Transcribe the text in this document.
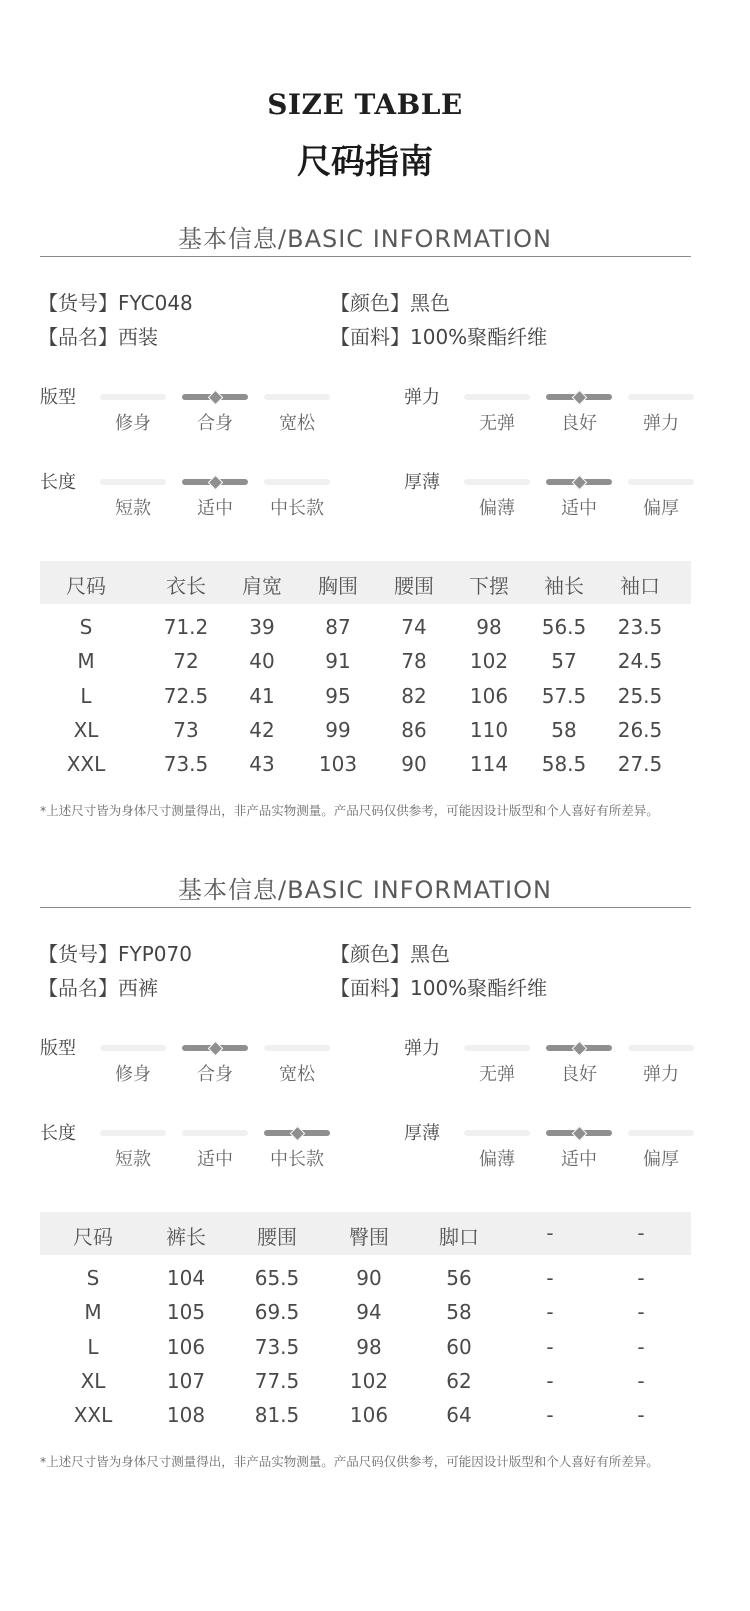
SIZE TABLE
尺码指南
基本信息/BASIC INFORMATION
【货号】FYC048	【颜色】黑色
【品名】西装	【面料】100%聚酯纤维
版型
修身	合身	宽松
弹力
无弹	良好	弹力
长度
短款	适中	中长款
厚薄
偏薄	适中	偏厚
尺码	衣长	肩宽	胸围	腰围	下摆	袖长	袖口
S	71.2	39	87	74	98	56.5	23.5
M	72	40	91	78	102	57	24.5
L	72.5	41	95	82	106	57.5	25.5
XL	73	42	99	86	110	58	26.5
XXL	73.5	43	103	90	114	58.5	27.5
*上述尺寸皆为身体尺寸测量得出，非产品实物测量。产品尺码仅供参考，可能因设计版型和个人喜好有所差异。
基本信息/BASIC INFORMATION
【货号】FYP070	【颜色】黑色
【品名】西裤	【面料】100%聚酯纤维
版型
修身	合身	宽松
弹力
无弹	良好	弹力
长度
短款	适中	中长款
厚薄
偏薄	适中	偏厚
尺码	裤长	腰围	臀围	脚口	-	-
S	104	65.5	90	56	-	-
M	105	69.5	94	58	-	-
L	106	73.5	98	60	-	-
XL	107	77.5	102	62	-	-
XXL	108	81.5	106	64	-	-
*上述尺寸皆为身体尺寸测量得出，非产品实物测量。产品尺码仅供参考，可能因设计版型和个人喜好有所差异。
